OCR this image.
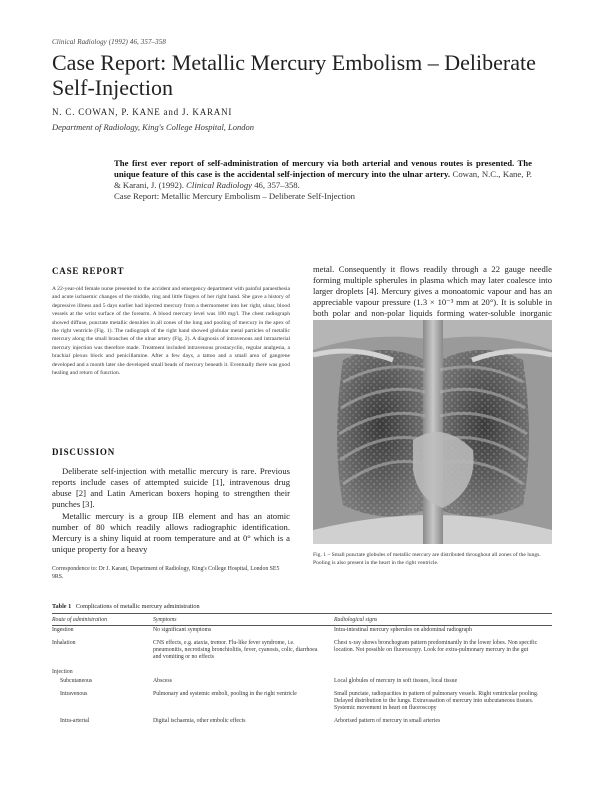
Clinical Radiology (1992) 46, 357–358
Case Report: Metallic Mercury Embolism – Deliberate Self-Injection
N. C. COWAN, P. KANE and J. KARANI
Department of Radiology, King's College Hospital, London
The first ever report of self-administration of mercury via both arterial and venous routes is presented. The unique feature of this case is the accidental self-injection of mercury into the ulnar artery. Cowan, N.C., Kane, P. & Karani, J. (1992). Clinical Radiology 46, 357–358.
Case Report: Metallic Mercury Embolism – Deliberate Self-Injection
CASE REPORT
A 22-year-old female nurse presented to the accident and emergency department with painful paraesthesia and acute ischaemic changes of the middle, ring and little fingers of her right hand. She gave a history of depressive illness and 5 days earlier had injected mercury from a thermometer into her right, ulnar, blood vessels at the wrist surface of the forearm. A blood mercury level was 180 mg/l. The chest radiograph showed diffuse, punctate metallic densities in all zones of the lung and pooling of mercury in the apex of the right ventricle (Fig. 1). The radiograph of the right hand showed globular metal particles of metallic mercury along the small branches of the ulnar artery (Fig. 2). A diagnosis of intravenous and intraarterial mercury injection was therefore made. Treatment included intravenous prostacyclin, regular analgesia, a brachial plexus block and penicillamine. After a few days, a tattoo and a small area of gangrene developed and a month later she developed small beads of mercury beneath it. Eventually there was good healing and return of function.
DISCUSSION
Deliberate self-injection with metallic mercury is rare. Previous reports include cases of attempted suicide [1], intravenous drug abuse [2] and Latin American boxers hoping to strengthen their punches [3].
Metallic mercury is a group IIB element and has an atomic number of 80 which readily allows radiographic identification. Mercury is a shiny liquid at room temperature and at 0° which is a unique property for a heavy
Correspondence to: Dr J. Karani, Department of Radiology, King's College Hospital, London SE5 9RS.
metal. Consequently it flows readily through a 22 gauge needle forming multiple spherules in plasma which may later coalesce into larger droplets [4]. Mercury gives a monoatomic vapour and has an appreciable vapour pressure (1.3 × 10⁻³ mm at 20°). It is soluble in both polar and non-polar liquids forming water-soluble inorganic
Fig. 1 – Small punctate globules of metallic mercury are distributed throughout all zones of the lungs. Pooling is also present in the heart in the right ventricle.
Table 1 Complications of metallic mercury administration
Route of administration	Symptoms	Radiological signs
Ingestion	No significant symptoms	Intra-intestinal mercury spherules on abdominal radiograph
Inhalation	CNS effects, e.g. ataxia, tremor. Flu-like fever syndrome, i.e. pneumonitis, necrotising bronchiolitis, fever, cyanosis, colic, diarrhoea and vomiting or no effects	Chest x-ray shows bronchogram pattern predominantly in the lower lobes. Non specific location. Not possible on fluoroscopy. Look for extra-pulmonary mercury in the gut
Injection		
Subcutaneous	Abscess	Local globules of mercury in soft tissues, local tissue
Intravenous	Pulmonary and systemic emboli, pooling in the right ventricle	Small punctate, radiopacities in pattern of pulmonary vessels. Right ventricular pooling. Delayed distribution to the lungs. Extravasation of mercury into subcutaneous tissues. Systemic movement in heart on fluoroscopy
Intra-arterial	Digital ischaemia, other embolic effects	Arborised pattern of mercury in small arteries
